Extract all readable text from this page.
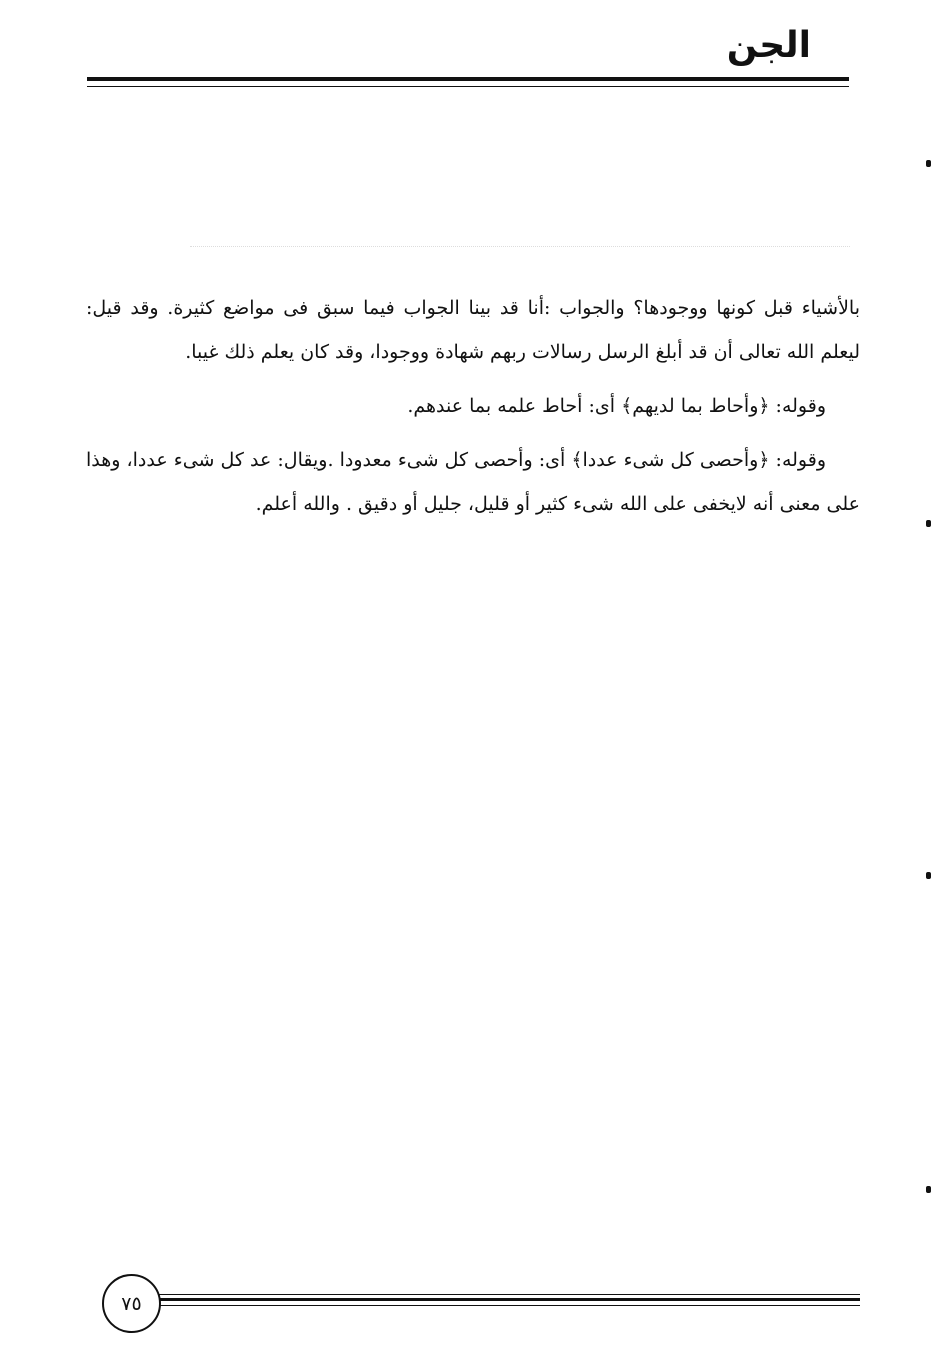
الجن

بالأشياء قبل كونها ووجودها؟ والجواب :أنا قد بينا الجواب فيما سبق فى مواضع كثيرة. وقد قيل: ليعلم الله تعالى أن قد أبلغ الرسل رسالات ربهم شهادة ووجودا، وقد كان يعلم ذلك غيبا.

وقوله: ﴿وأحاط بما لديهم﴾ أى: أحاط علمه بما عندهم.

وقوله: ﴿وأحصى كل شىء عددا﴾ أى: وأحصى كل شىء معدودا .ويقال: عد كل شىء عددا، وهذا على معنى أنه لايخفى على الله شىء كثير أو قليل، جليل أو دقيق . والله أعلم.

٧٥
